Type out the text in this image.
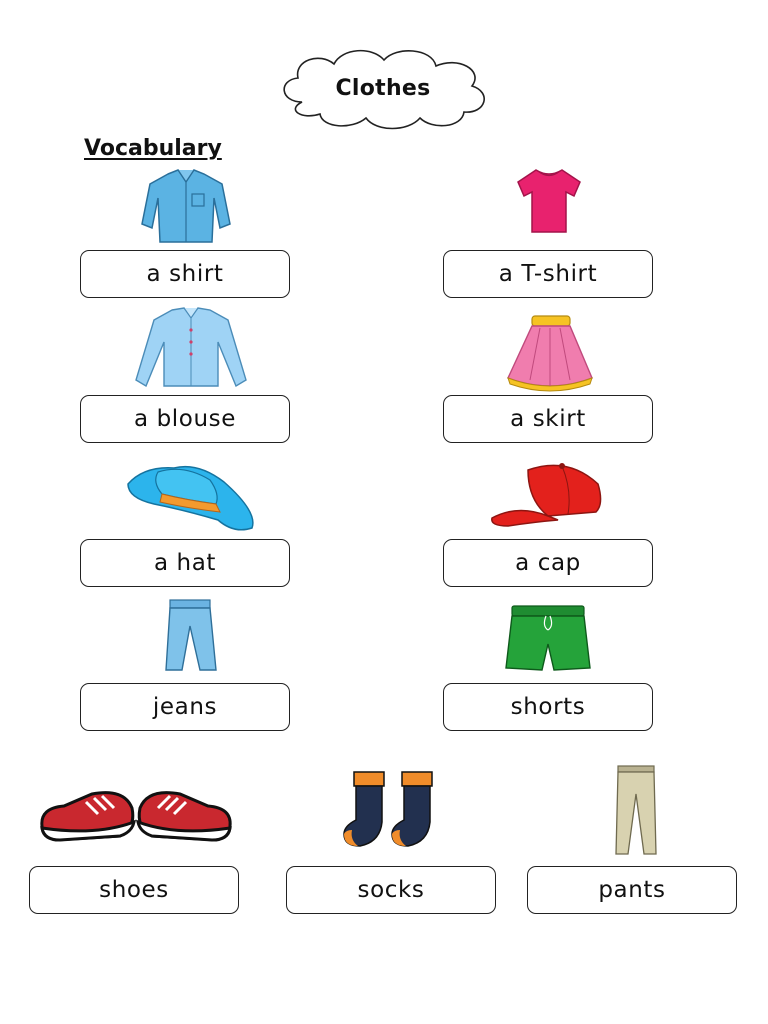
Clothes
Vocabulary
a shirt	a T-shirt
a blouse	a skirt
a hat	a cap
jeans	shorts
shoes	socks	pants
